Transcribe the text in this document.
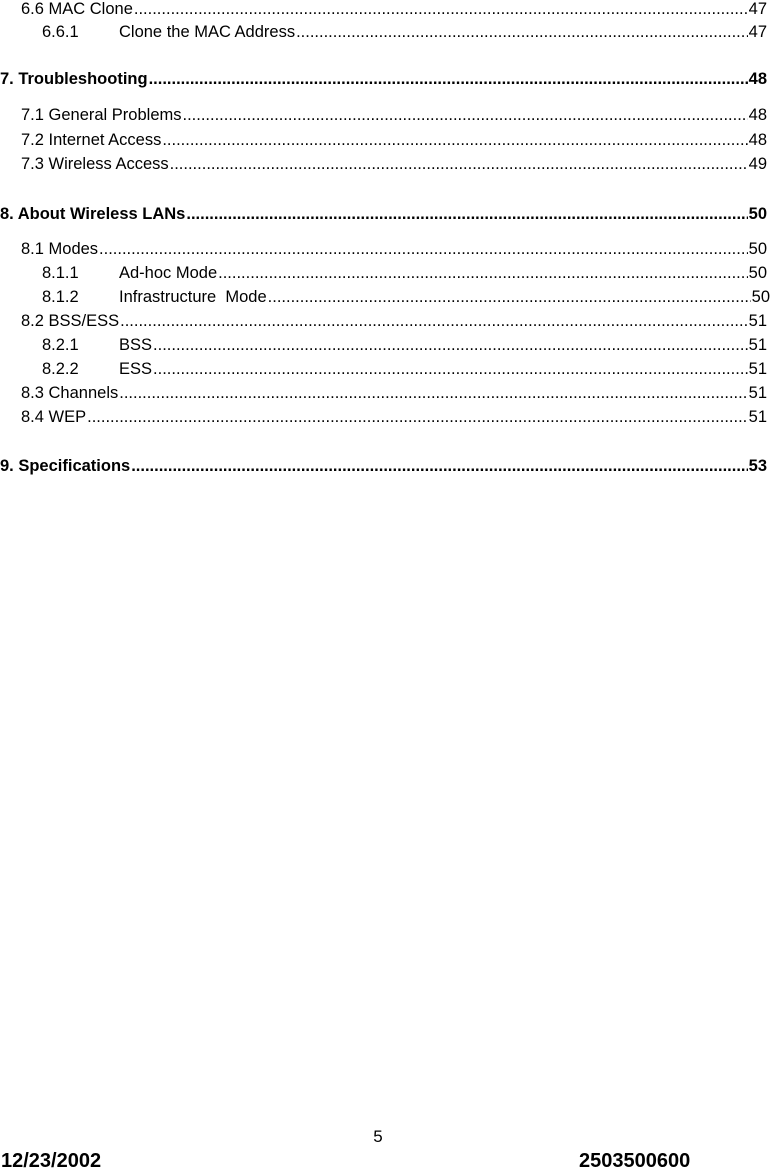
6.6 MAC Clone .....	47
6.6.1	Clone the MAC Address .....	47
7. Troubleshooting .....	48
7.1 General Problems .....	48
7.2 Internet Access .....	48
7.3 Wireless Access .....	49
8. About Wireless LANs .....	50
8.1 Modes .....	50
8.1.1	Ad-hoc Mode .....	50
8.1.2	Infrastructure  Mode .....	50
8.2 BSS/ESS .....	51
8.2.1	BSS .....	51
8.2.2	ESS .....	51
8.3 Channels .....	51
8.4 WEP .....	51
9. Specifications .....	53
5
12/23/2002	2503500600
